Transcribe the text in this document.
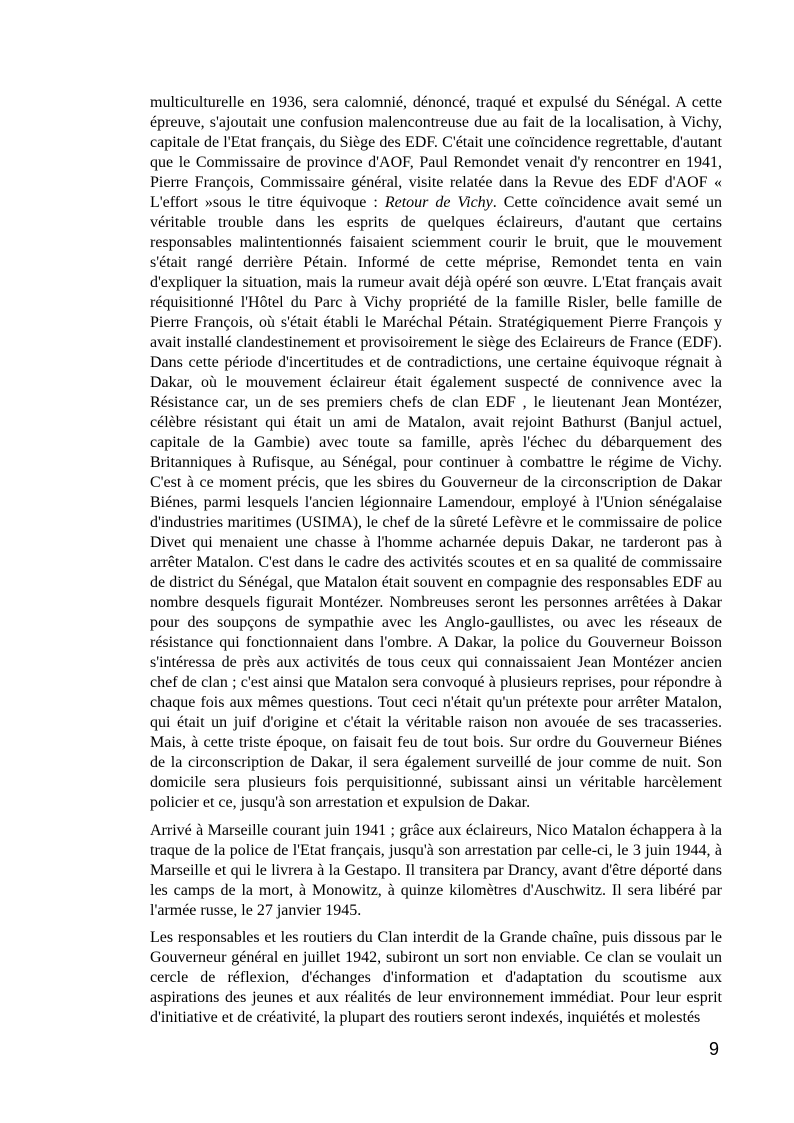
multiculturelle en 1936, sera calomnié, dénoncé, traqué et expulsé du Sénégal. A cette épreuve, s'ajoutait une confusion malencontreuse due au fait de la localisation, à Vichy, capitale de l'Etat français, du Siège des EDF. C'était une coïncidence regrettable, d'autant que le Commissaire de province d'AOF, Paul Remondet venait d'y rencontrer en 1941, Pierre François, Commissaire général, visite relatée dans la Revue des EDF d'AOF « L'effort »sous le titre équivoque : Retour de Vichy. Cette coïncidence avait semé un véritable trouble dans les esprits de quelques éclaireurs, d'autant que certains responsables malintentionnés faisaient sciemment courir le bruit, que le mouvement s'était rangé derrière Pétain. Informé de cette méprise, Remondet tenta en vain d'expliquer la situation, mais la rumeur avait déjà opéré son œuvre. L'Etat français avait réquisitionné l'Hôtel du Parc à Vichy propriété de la famille Risler, belle famille de Pierre François, où s'était établi le Maréchal Pétain. Stratégiquement Pierre François y avait installé clandestinement et provisoirement le siège des Eclaireurs de France (EDF). Dans cette période d'incertitudes et de contradictions, une certaine équivoque régnait à Dakar, où le mouvement éclaireur était également suspecté de connivence avec la Résistance car, un de ses premiers chefs de clan EDF , le lieutenant Jean Montézer, célèbre résistant qui était un ami de Matalon, avait rejoint Bathurst (Banjul actuel, capitale de la Gambie) avec toute sa famille, après l'échec du débarquement des Britanniques à Rufisque, au Sénégal, pour continuer à combattre le régime de Vichy. C'est à ce moment précis, que les sbires du Gouverneur de la circonscription de Dakar Biénes, parmi lesquels l'ancien légionnaire Lamendour, employé à l'Union sénégalaise d'industries maritimes (USIMA), le chef de la sûreté Lefèvre et le commissaire de police Divet qui menaient une chasse à l'homme acharnée depuis Dakar, ne tarderont pas à arrêter Matalon. C'est dans le cadre des activités scoutes et en sa qualité de commissaire de district du Sénégal, que Matalon était souvent en compagnie des responsables EDF au nombre desquels figurait Montézer. Nombreuses seront les personnes arrêtées à Dakar pour des soupçons de sympathie avec les Anglo-gaullistes, ou avec les réseaux de résistance qui fonctionnaient dans l'ombre. A Dakar, la police du Gouverneur Boisson s'intéressa de près aux activités de tous ceux qui connaissaient Jean Montézer ancien chef de clan ; c'est ainsi que Matalon sera convoqué à plusieurs reprises, pour répondre à chaque fois aux mêmes questions. Tout ceci n'était qu'un prétexte pour arrêter Matalon, qui était un juif d'origine et c'était la véritable raison non avouée de ses tracasseries. Mais, à cette triste époque, on faisait feu de tout bois. Sur ordre du Gouverneur Biénes de la circonscription de Dakar, il sera également surveillé de jour comme de nuit. Son domicile sera plusieurs fois perquisitionné, subissant ainsi un véritable harcèlement policier et ce, jusqu'à son arrestation et expulsion de Dakar.

Arrivé à Marseille courant juin 1941 ; grâce aux éclaireurs, Nico Matalon échappera à la traque de la police de l'Etat français, jusqu'à son arrestation par celle-ci, le 3 juin 1944, à Marseille et qui le livrera à la Gestapo. Il transitera par Drancy, avant d'être déporté dans les camps de la mort, à Monowitz, à quinze kilomètres d'Auschwitz. Il sera libéré par l'armée russe, le 27 janvier 1945.

Les responsables et les routiers du Clan interdit de la Grande chaîne, puis dissous par le Gouverneur général en juillet 1942, subiront un sort non enviable. Ce clan se voulait un cercle de réflexion, d'échanges d'information et d'adaptation du scoutisme aux aspirations des jeunes et aux réalités de leur environnement immédiat. Pour leur esprit d'initiative et de créativité, la plupart des routiers seront indexés, inquiétés et molestés

9
